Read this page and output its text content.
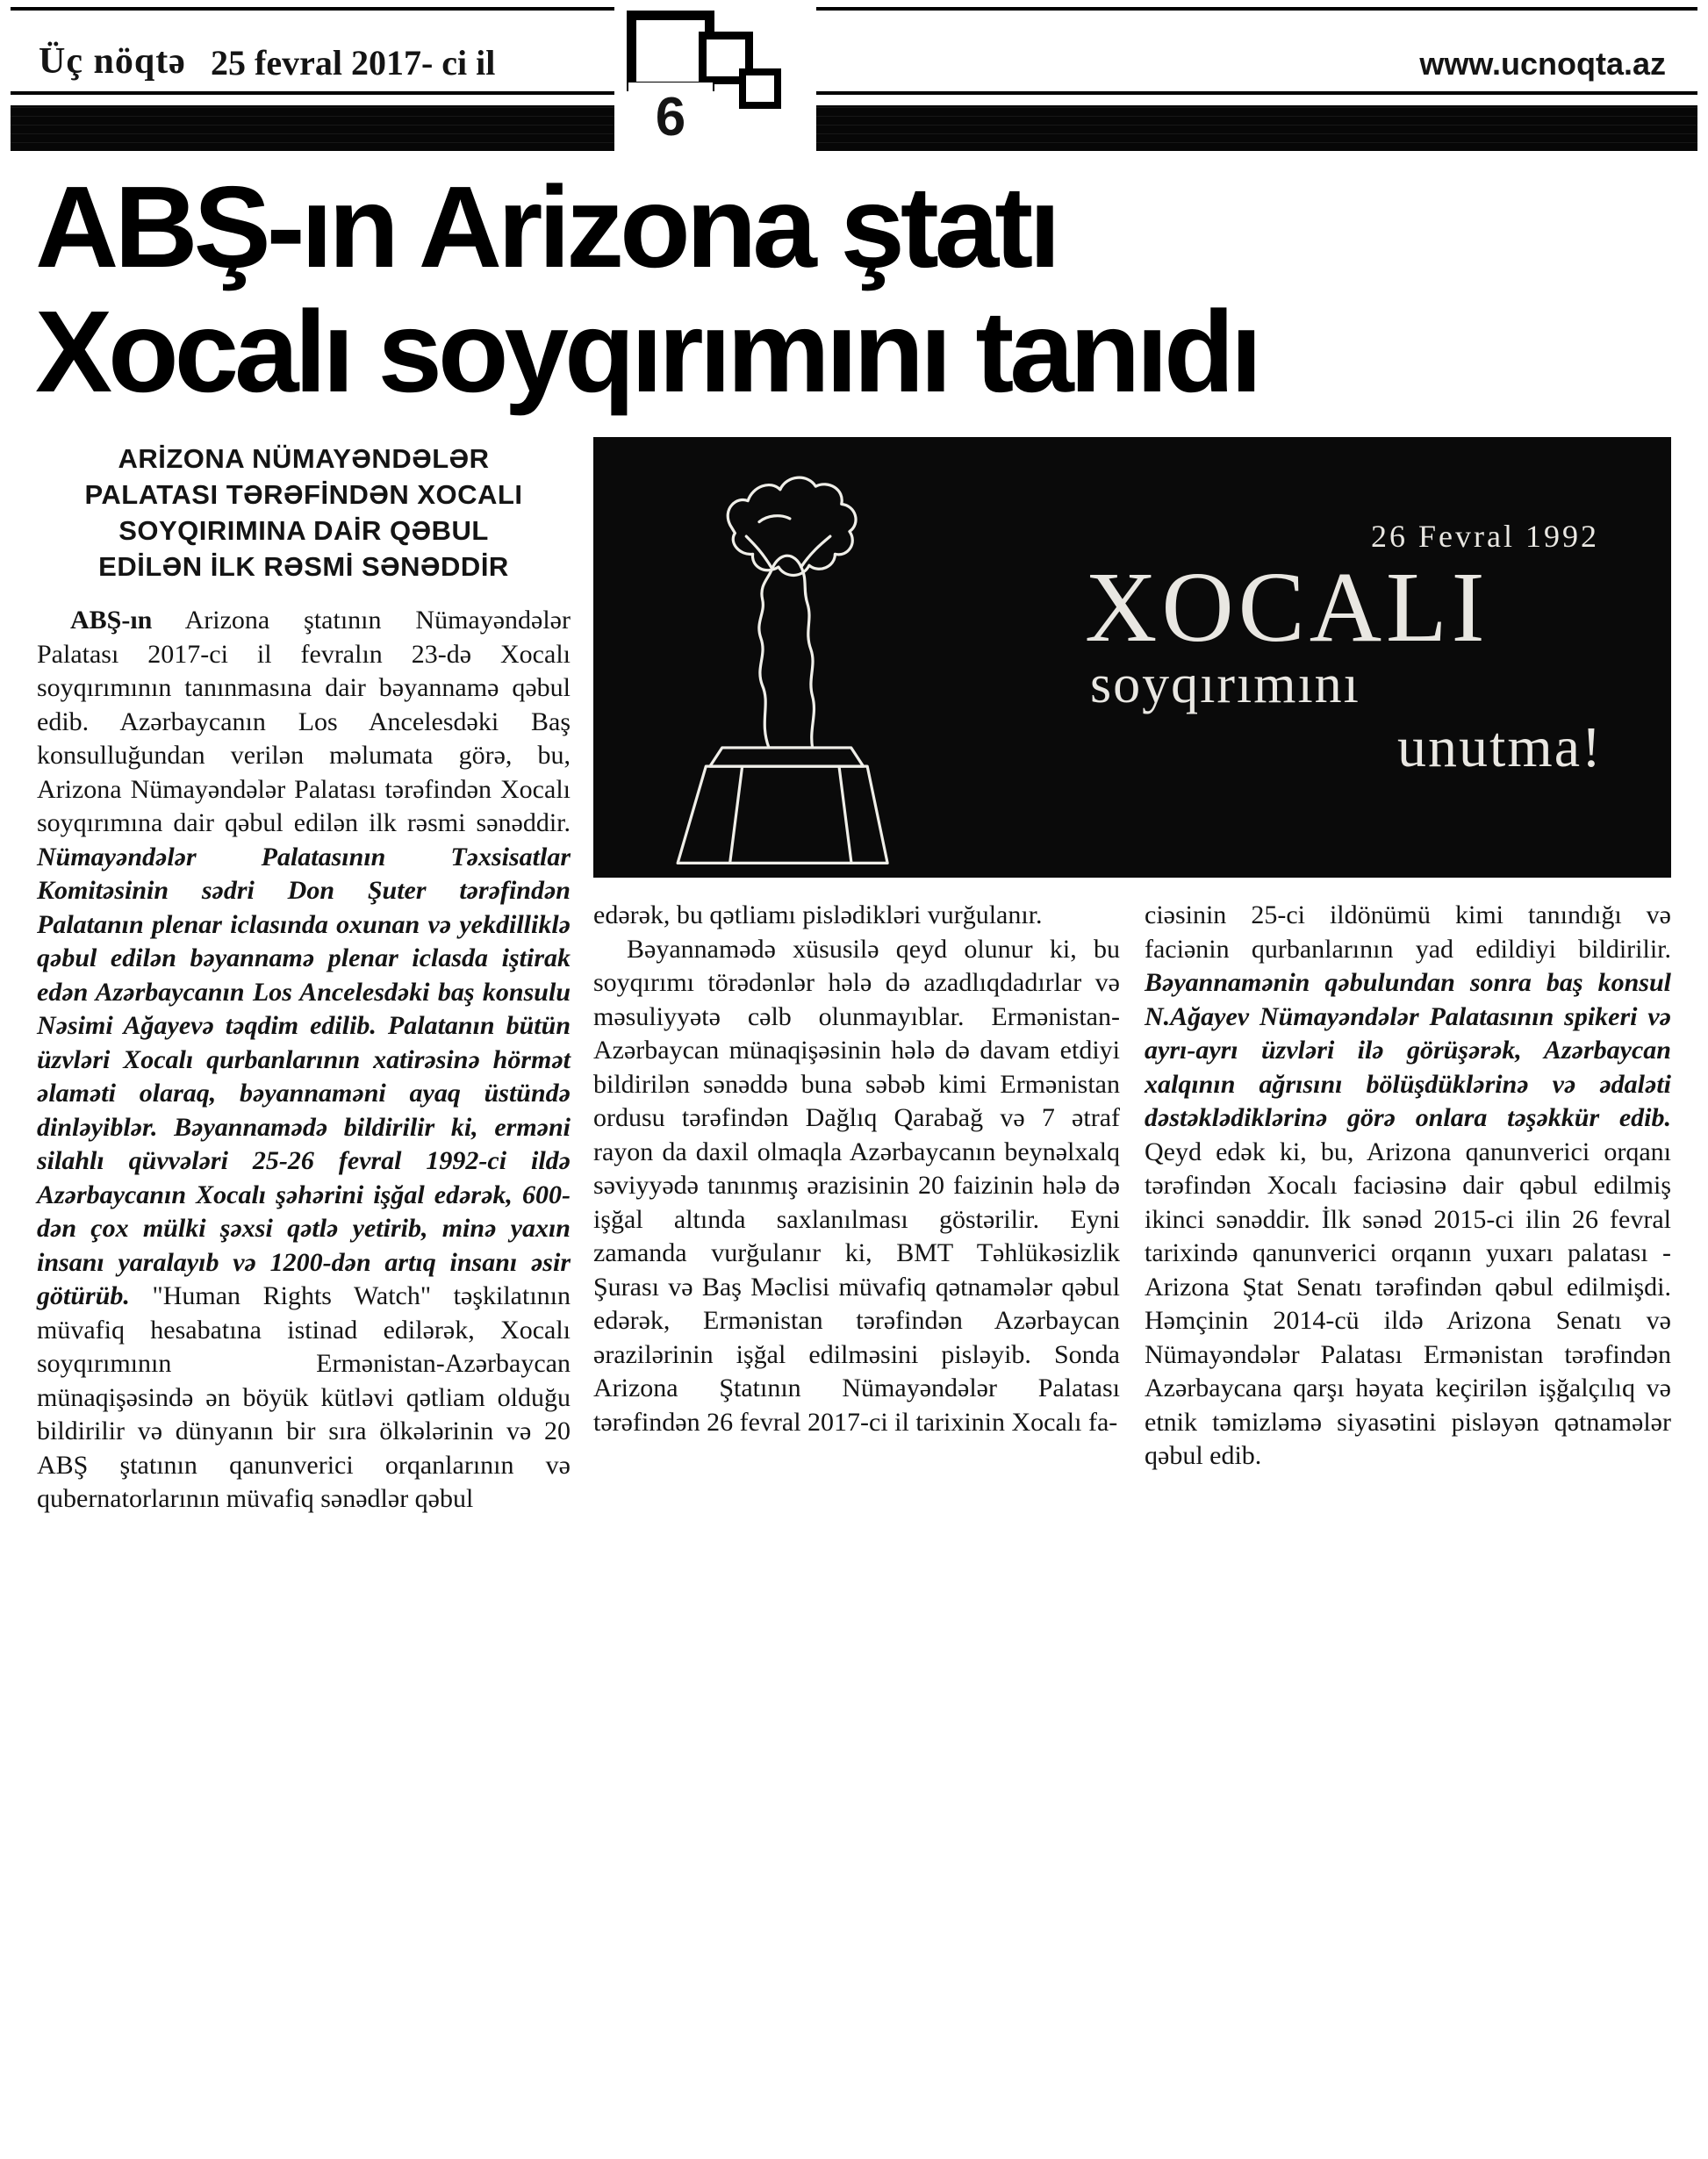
Üç nöqtə 25 fevral 2017- ci il	www.ucnoqta.az
6
ABŞ-ın Arizona ştatı
Xocalı soyqırımını tanıdı
ARİZONA NÜMAYƏNDƏLƏR PALATASI TƏRƏFİNDƏN XOCALI SOYQIRIMINA DAİR QƏBUL EDİLƏN İLK RƏSMİ SƏNƏDDİR

ABŞ-ın Arizona ştatının Nümayəndələr Palatası 2017-ci il fevralın 23-də Xocalı soyqırımının tanınmasına dair bəyannamə qəbul edib. Azərbaycanın Los Ancelesdəki Baş konsulluğundan verilən məlumata görə, bu, Arizona Nümayəndələr Palatası tərəfindən Xocalı soyqırımına dair qəbul edilən ilk rəsmi sənəddir. Nümayəndələr Palatasının Təxsisatlar Komitəsinin sədri Don Şuter tərəfindən Palatanın plenar iclasında oxunan və yekdilliklə qəbul edilən bəyannamə plenar iclasda iştirak edən Azərbaycanın Los Ancelesdəki baş konsulu Nəsimi Ağayevə təqdim edilib. Palatanın bütün üzvləri Xocalı qurbanlarının xatirəsinə hörmət əlaməti olaraq, bəyannaməni ayaq üstündə dinləyiblər. Bəyannamədə bildirilir ki, erməni silahlı qüvvələri 25-26 fevral 1992-ci ildə Azərbaycanın Xocalı şəhərini işğal edərək, 600-dən çox mülki şəxsi qətlə yetirib, minə yaxın insanı yaralayıb və 1200-dən artıq insanı əsir götürüb. "Human Rights Watch" təşkilatının müvafiq hesabatına istinad edilərək, Xocalı soyqırımının Ermənistan-Azərbaycan münaqişəsində ən böyük kütləvi qətliam olduğu bildirilir və dünyanın bir sıra ölkələrinin və 20 ABŞ ştatının qanunverici orqanlarının və qubernatorlarının müvafiq sənədlər qəbul

26 Fevral 1992
XOCALI
soyqırımını
unutma!

edərək, bu qətliamı pislədikləri vurğulanır.

Bəyannamədə xüsusilə qeyd olunur ki, bu soyqırımı törədənlər hələ də azadlıqdadırlar və məsuliyyətə cəlb olunmayıblar. Ermənistan-Azərbaycan münaqişəsinin hələ də davam etdiyi bildirilən sənəddə buna səbəb kimi Ermənistan ordusu tərəfindən Dağlıq Qarabağ və 7 ətraf rayon da daxil olmaqla Azərbaycanın beynəlxalq səviyyədə tanınmış ərazisinin 20 faizinin hələ də işğal altında saxlanılması göstərilir. Eyni zamanda vurğulanır ki, BMT Təhlükəsizlik Şurası və Baş Məclisi müvafiq qətnamələr qəbul edərək, Ermənistan tərəfindən Azərbaycan ərazilərinin işğal edilməsini pisləyib. Sonda Arizona Ştatının Nümayəndələr Palatası tərəfindən 26 fevral 2017-ci il tarixinin Xocalı fa-

ciəsinin 25-ci ildönümü kimi tanındığı və faciənin qurbanlarının yad edildiyi bildirilir. Bəyannamənin qəbulundan sonra baş konsul N.Ağayev Nümayəndələr Palatasının spikeri və ayrı-ayrı üzvləri ilə görüşərək, Azərbaycan xalqının ağrısını bölüşdüklərinə və ədaləti dəstəklədiklərinə görə onlara təşəkkür edib. Qeyd edək ki, bu, Arizona qanunverici orqanı tərəfindən Xocalı faciəsinə dair qəbul edilmiş ikinci sənəddir. İlk sənəd 2015-ci ilin 26 fevral tarixində qanunverici orqanın yuxarı palatası - Arizona Ştat Senatı tərəfindən qəbul edilmişdi. Həmçinin 2014-cü ildə Arizona Senatı və Nümayəndələr Palatası Ermənistan tərəfindən Azərbaycana qarşı həyata keçirilən işğalçılıq və etnik təmizləmə siyasətini pisləyən qətnamələr qəbul edib.
